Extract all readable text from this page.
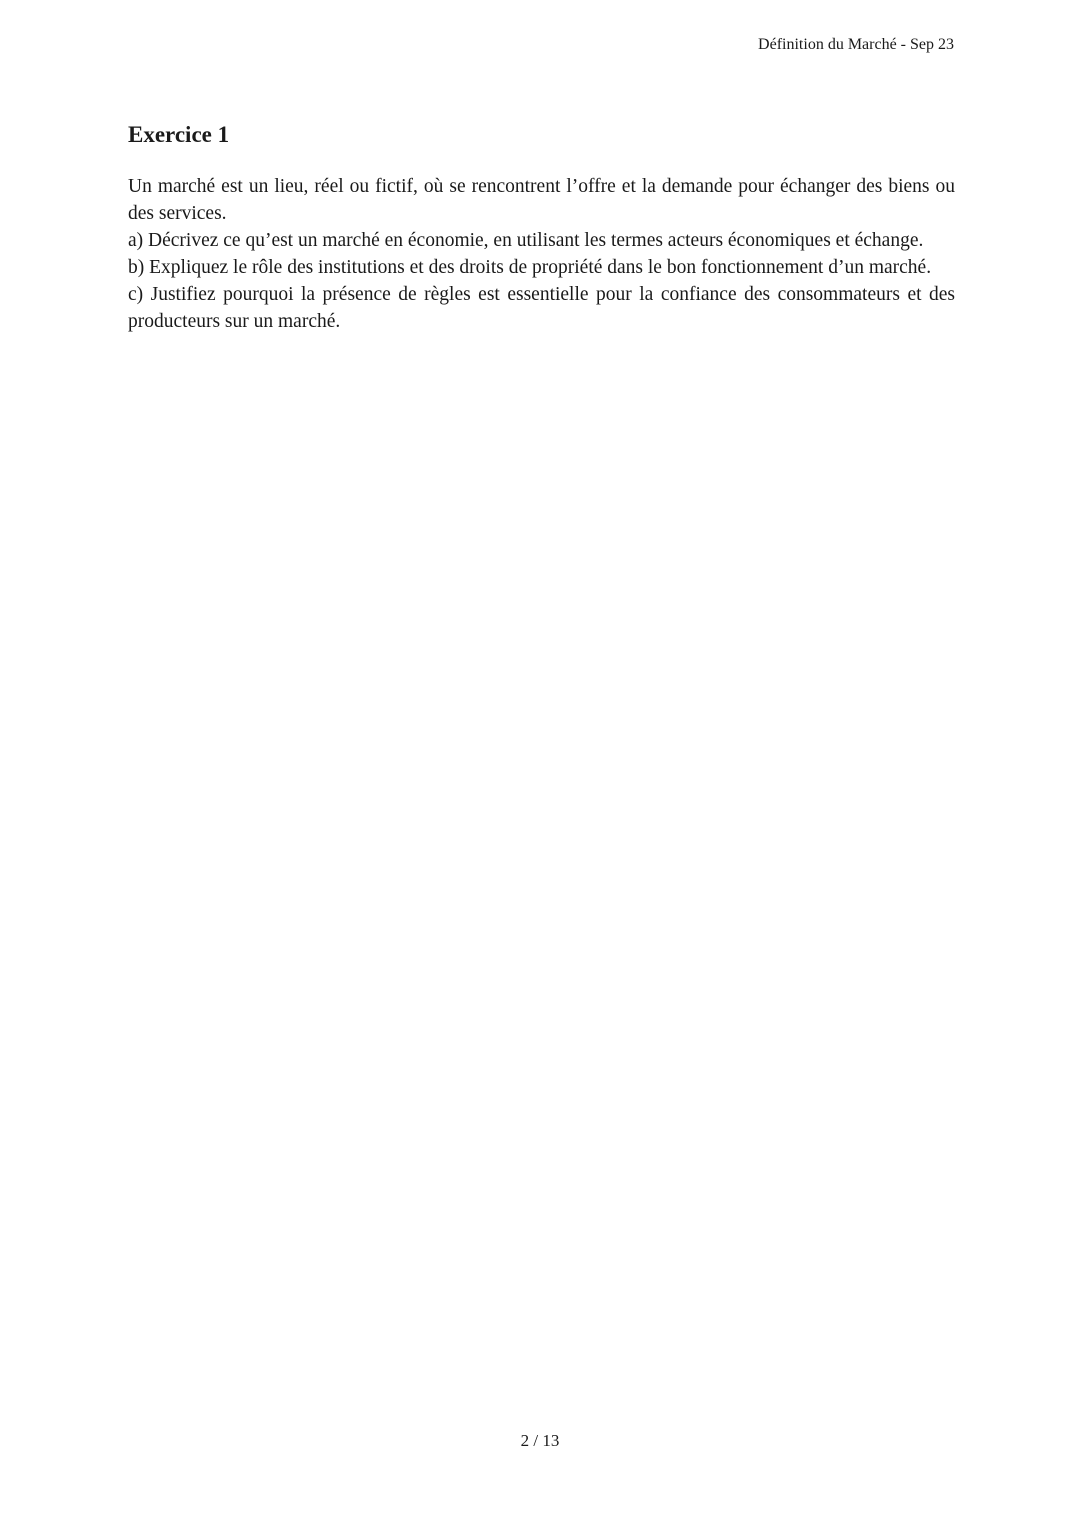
Définition du Marché - Sep 23
Exercice 1

Un marché est un lieu, réel ou fictif, où se rencontrent l’offre et la demande pour échanger des biens ou des services.

a) Décrivez ce qu’est un marché en économie, en utilisant les termes acteurs économiques et échange.

b) Expliquez le rôle des institutions et des droits de propriété dans le bon fonctionnement d’un marché.

c) Justifiez pourquoi la présence de règles est essentielle pour la confiance des consommateurs et des producteurs sur un marché.

2 / 13
